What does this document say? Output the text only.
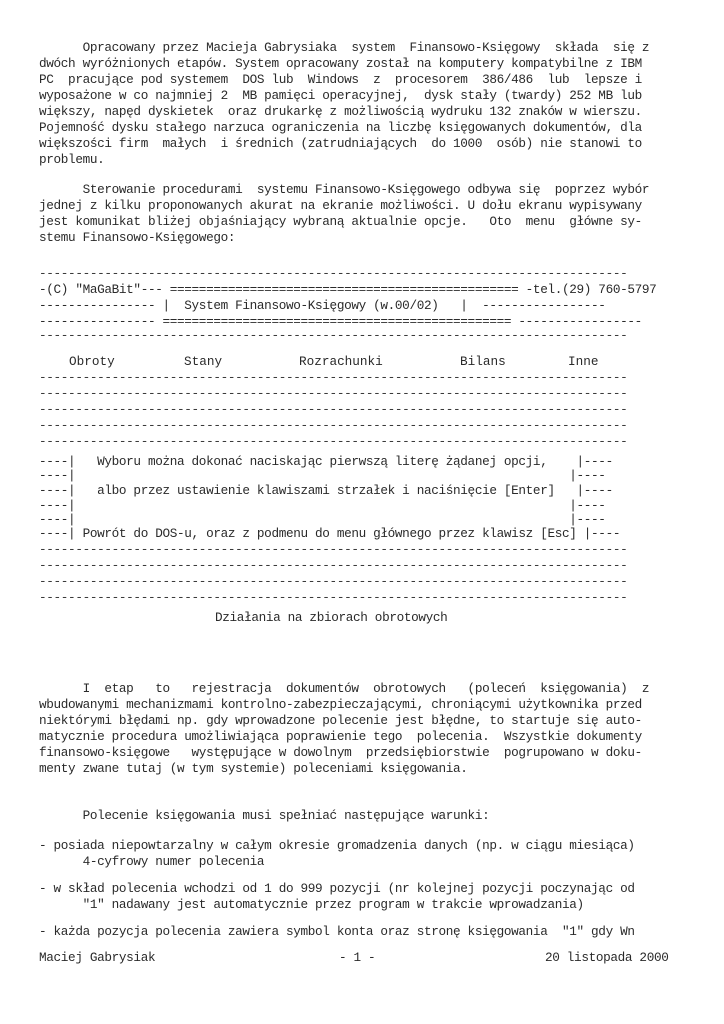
Opracowany przez Macieja Gabrysiaka  system  Finansowo-Księgowy  składa  się z
dwóch wyróżnionych etapów. System opracowany został na komputery kompatybilne z IBM
PC  pracujące pod systemem  DOS lub  Windows  z  procesorem  386/486  lub  lepsze i
wyposażone w co najmniej 2  MB pamięci operacyjnej,  dysk stały (twardy) 252 MB lub
większy, napęd dyskietek  oraz drukarkę z możliwością wydruku 132 znaków w wierszu.
Pojemność dysku stałego narzuca ograniczenia na liczbę księgowanych dokumentów, dla
większości firm  małych  i średnich (zatrudniających  do 1000  osób) nie stanowi to
problemu.
Sterowanie procedurami  systemu Finansowo-Księgowego odbywa się  poprzez wybór
jednej z kilku proponowanych akurat na ekranie możliwości. U dołu ekranu wypisywany
jest komunikat bliżej objaśniający wybraną aktualnie opcje.   Oto  menu  główne sy-
stemu Finansowo-Księgowego:
---------------------------------------------------------------------------------
-(C) "MaGaBit"--- ================================================ -tel.(29) 760-5797
---------------- |  System Finansowo-Księgowy (w.00/02)   |  -----------------
---------------- ================================================ -----------------
---------------------------------------------------------------------------------
Obroty	Stany	Rozrachunki	Bilans	Inne
---------------------------------------------------------------------------------
---------------------------------------------------------------------------------
---------------------------------------------------------------------------------
---------------------------------------------------------------------------------
---------------------------------------------------------------------------------
----|   Wyboru można dokonać naciskając pierwszą literę żądanej opcji,    |----
----|                                                                    |----
----|   albo przez ustawienie klawiszami strzałek i naciśnięcie [Enter]   |----
----|                                                                    |----
----|                                                                    |----
----| Powrót do DOS-u, oraz z podmenu do menu głównego przez klawisz [Esc] |----
---------------------------------------------------------------------------------
---------------------------------------------------------------------------------
---------------------------------------------------------------------------------
---------------------------------------------------------------------------------
Działania na zbiorach obrotowych
I  etap   to   rejestracja  dokumentów  obrotowych   (poleceń  księgowania)  z
wbudowanymi mechanizmami kontrolno-zabezpieczającymi, chroniącymi użytkownika przed
niektórymi błędami np. gdy wprowadzone polecenie jest błędne, to startuje się auto-
matycznie procedura umożliwiająca poprawienie tego  polecenia.  Wszystkie dokumenty
finansowo-księgowe   występujące w dowolnym  przedsiębiorstwie  pogrupowano w doku-
menty zwane tutaj (w tym systemie) poleceniami księgowania.
Polecenie księgowania musi spełniać następujące warunki:
- posiada niepowtarzalny w całym okresie gromadzenia danych (np. w ciągu miesiąca)
4-cyfrowy numer polecenia
- w skład polecenia wchodzi od 1 do 999 pozycji (nr kolejnej pozycji poczynając od
"1" nadawany jest automatycznie przez program w trakcie wprowadzania)
- każda pozycja polecenia zawiera symbol konta oraz stronę księgowania  "1" gdy Wn
Maciej Gabrysiak	- 1 -	20 listopada 2000
